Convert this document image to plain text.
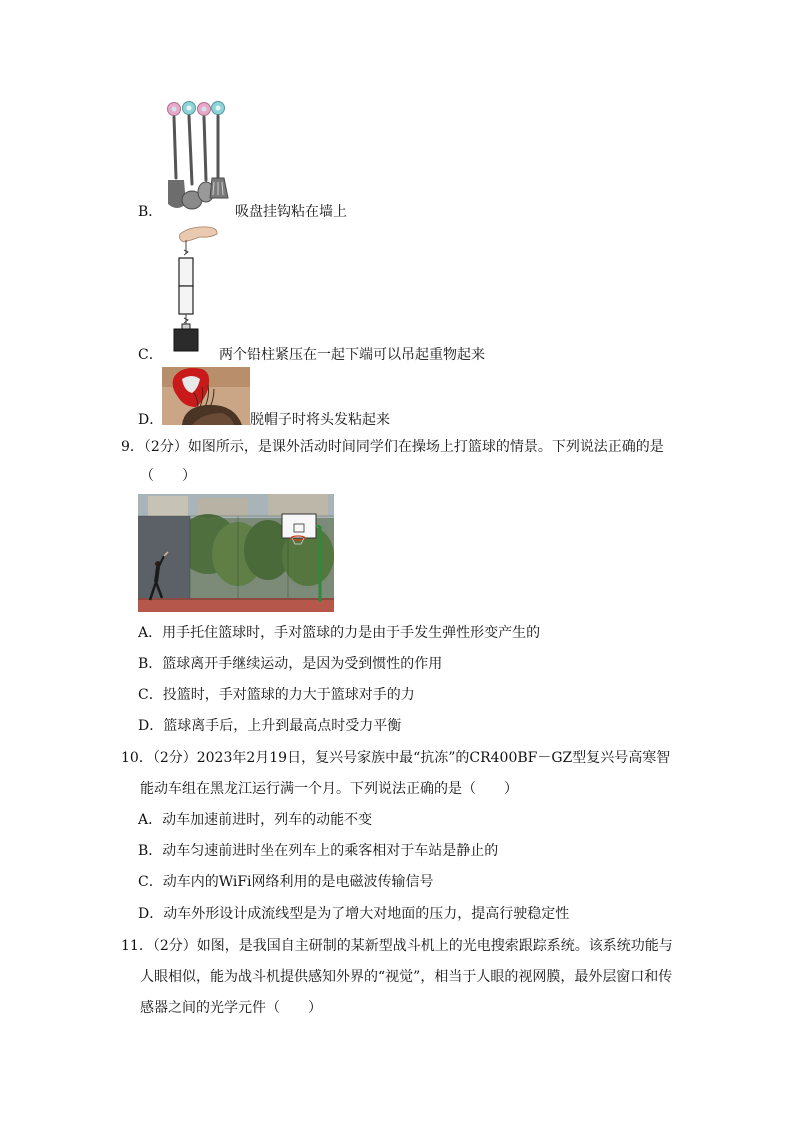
B．	吸盘挂钩粘在墙上
C．	两个铅柱紧压在一起下端可以吊起重物起来
D．	脱帽子时将头发粘起来
9．（2分）如图所示，是课外活动时间同学们在操场上打篮球的情景。下列说法正确的是
（　　）
A．用手托住篮球时，手对篮球的力是由于手发生弹性形变产生的
B．篮球离开手继续运动，是因为受到惯性的作用
C．投篮时，手对篮球的力大于篮球对手的力
D．篮球离手后，上升到最高点时受力平衡
10．（2分）2023年2月19日，复兴号家族中最“抗冻”的CR400BF－GZ型复兴号高寒智
能动车组在黑龙江运行满一个月。下列说法正确的是（　　）
A．动车加速前进时，列车的动能不变
B．动车匀速前进时坐在列车上的乘客相对于车站是静止的
C．动车内的WiFi网络利用的是电磁波传输信号
D．动车外形设计成流线型是为了增大对地面的压力，提高行驶稳定性
11．（2分）如图，是我国自主研制的某新型战斗机上的光电搜索跟踪系统。该系统功能与
人眼相似，能为战斗机提供感知外界的“视觉”，相当于人眼的视网膜，最外层窗口和传
感器之间的光学元件（　　）
